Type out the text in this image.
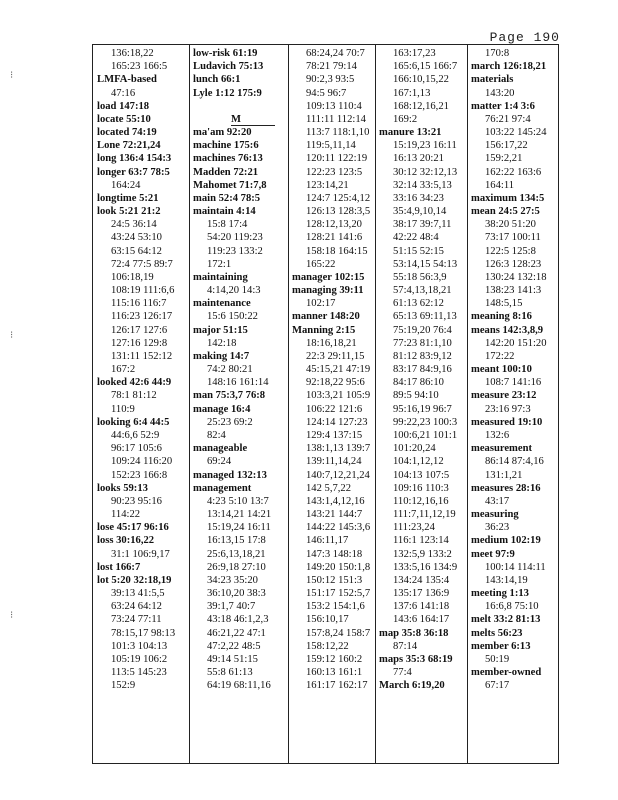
Page 190
⁝
⁝
⁝
136:18,22
165:23 166:5
LMFA-based
47:16
load 147:18
locate 55:10
located 74:19
Lone 72:21,24
long 136:4 154:3
longer 63:7 78:5
164:24
longtime 5:21
look 5:21 21:2
24:5 36:14
43:24 53:10
63:15 64:12
72:4 77:5 89:7
106:18,19
108:19 111:6,6
115:16 116:7
116:23 126:17
126:17 127:6
127:16 129:8
131:11 152:12
167:2
looked 42:6 44:9
78:1 81:12
110:9
looking 6:4 44:5
44:6,6 52:9
96:17 105:6
109:24 116:20
152:23 166:8
looks 59:13
90:23 95:16
114:22
lose 45:17 96:16
loss 30:16,22
31:1 106:9,17
lost 166:7
lot 5:20 32:18,19
39:13 41:5,5
63:24 64:12
73:24 77:11
78:15,17 98:13
101:3 104:13
105:19 106:2
113:5 145:23
152:9
low-risk 61:19
Ludavich 75:13
lunch 66:1
Lyle 1:12 175:9
M
ma'am 92:20
machine 175:6
machines 76:13
Madden 72:21
Mahomet 71:7,8
main 52:4 78:5
maintain 4:14
15:8 17:4
54:20 119:23
119:23 133:2
172:1
maintaining
4:14,20 14:3
maintenance
15:6 150:22
major 51:15
142:18
making 14:7
74:2 80:21
148:16 161:14
man 75:3,7 76:8
manage 16:4
25:23 69:2
82:4
manageable
69:24
managed 132:13
management
4:23 5:10 13:7
13:14,21 14:21
15:19,24 16:11
16:13,15 17:8
25:6,13,18,21
26:9,18 27:10
34:23 35:20
36:10,20 38:3
39:1,7 40:7
43:18 46:1,2,3
46:21,22 47:1
47:2,22 48:5
49:14 51:15
55:8 61:13
64:19 68:11,16
68:24,24 70:7
78:21 79:14
90:2,3 93:5
94:5 96:7
109:13 110:4
111:11 112:14
113:7 118:1,10
119:5,11,14
120:11 122:19
122:23 123:5
123:14,21
124:7 125:4,12
126:13 128:3,5
128:12,13,20
128:21 141:6
158:18 164:15
165:22
manager 102:15
managing 39:11
102:17
manner 148:20
Manning 2:15
18:16,18,21
22:3 29:11,15
45:15,21 47:19
92:18,22 95:6
103:3,21 105:9
106:22 121:6
124:14 127:23
129:4 137:15
138:1,13 139:7
139:11,14,24
140:7,12,21,24
142 5,7,22
143:1,4,12,16
143:21 144:7
144:22 145:3,6
146:11,17
147:3 148:18
149:20 150:1,8
150:12 151:3
151:17 152:5,7
153:2 154:1,6
156:10,17
157:8,24 158:7
158:12,22
159:12 160:2
160:13 161:1
161:17 162:17
163:17,23
165:6,15 166:7
166:10,15,22
167:1,13
168:12,16,21
169:2
manure 13:21
15:19,23 16:11
16:13 20:21
30:12 32:12,13
32:14 33:5,13
33:16 34:23
35:4,9,10,14
38:17 39:7,11
42:22 48:4
51:15 52:15
53:14,15 54:13
55:18 56:3,9
57:4,13,18,21
61:13 62:12
65:13 69:11,13
75:19,20 76:4
77:23 81:1,10
81:12 83:9,12
83:17 84:9,16
84:17 86:10
89:5 94:10
95:16,19 96:7
99:22,23 100:3
100:6,21 101:1
101:20,24
104:1,12,12
104:13 107:5
109:16 110:3
110:12,16,16
111:7,11,12,19
111:23,24
116:1 123:14
132:5,9 133:2
133:5,16 134:9
134:24 135:4
135:17 136:9
137:6 141:18
143:6 164:17
map 35:8 36:18
87:14
maps 35:3 68:19
77:4
March 6:19,20
170:8
march 126:18,21
materials
143:20
matter 1:4 3:6
76:21 97:4
103:22 145:24
156:17,22
159:2,21
162:22 163:6
164:11
maximum 134:5
mean 24:5 27:5
38:20 51:20
73:17 100:11
122:5 125:8
126:3 128:23
130:24 132:18
138:23 141:3
148:5,15
meaning 8:16
means 142:3,8,9
142:20 151:20
172:22
meant 100:10
108:7 141:16
measure 23:12
23:16 97:3
measured 19:10
132:6
measurement
86:14 87:4,16
131:1,21
measures 28:16
43:17
measuring
36:23
medium 102:19
meet 97:9
100:14 114:11
143:14,19
meeting 1:13
16:6,8 75:10
melt 33:2 81:13
melts 56:23
member 6:13
50:19
member-owned
67:17
